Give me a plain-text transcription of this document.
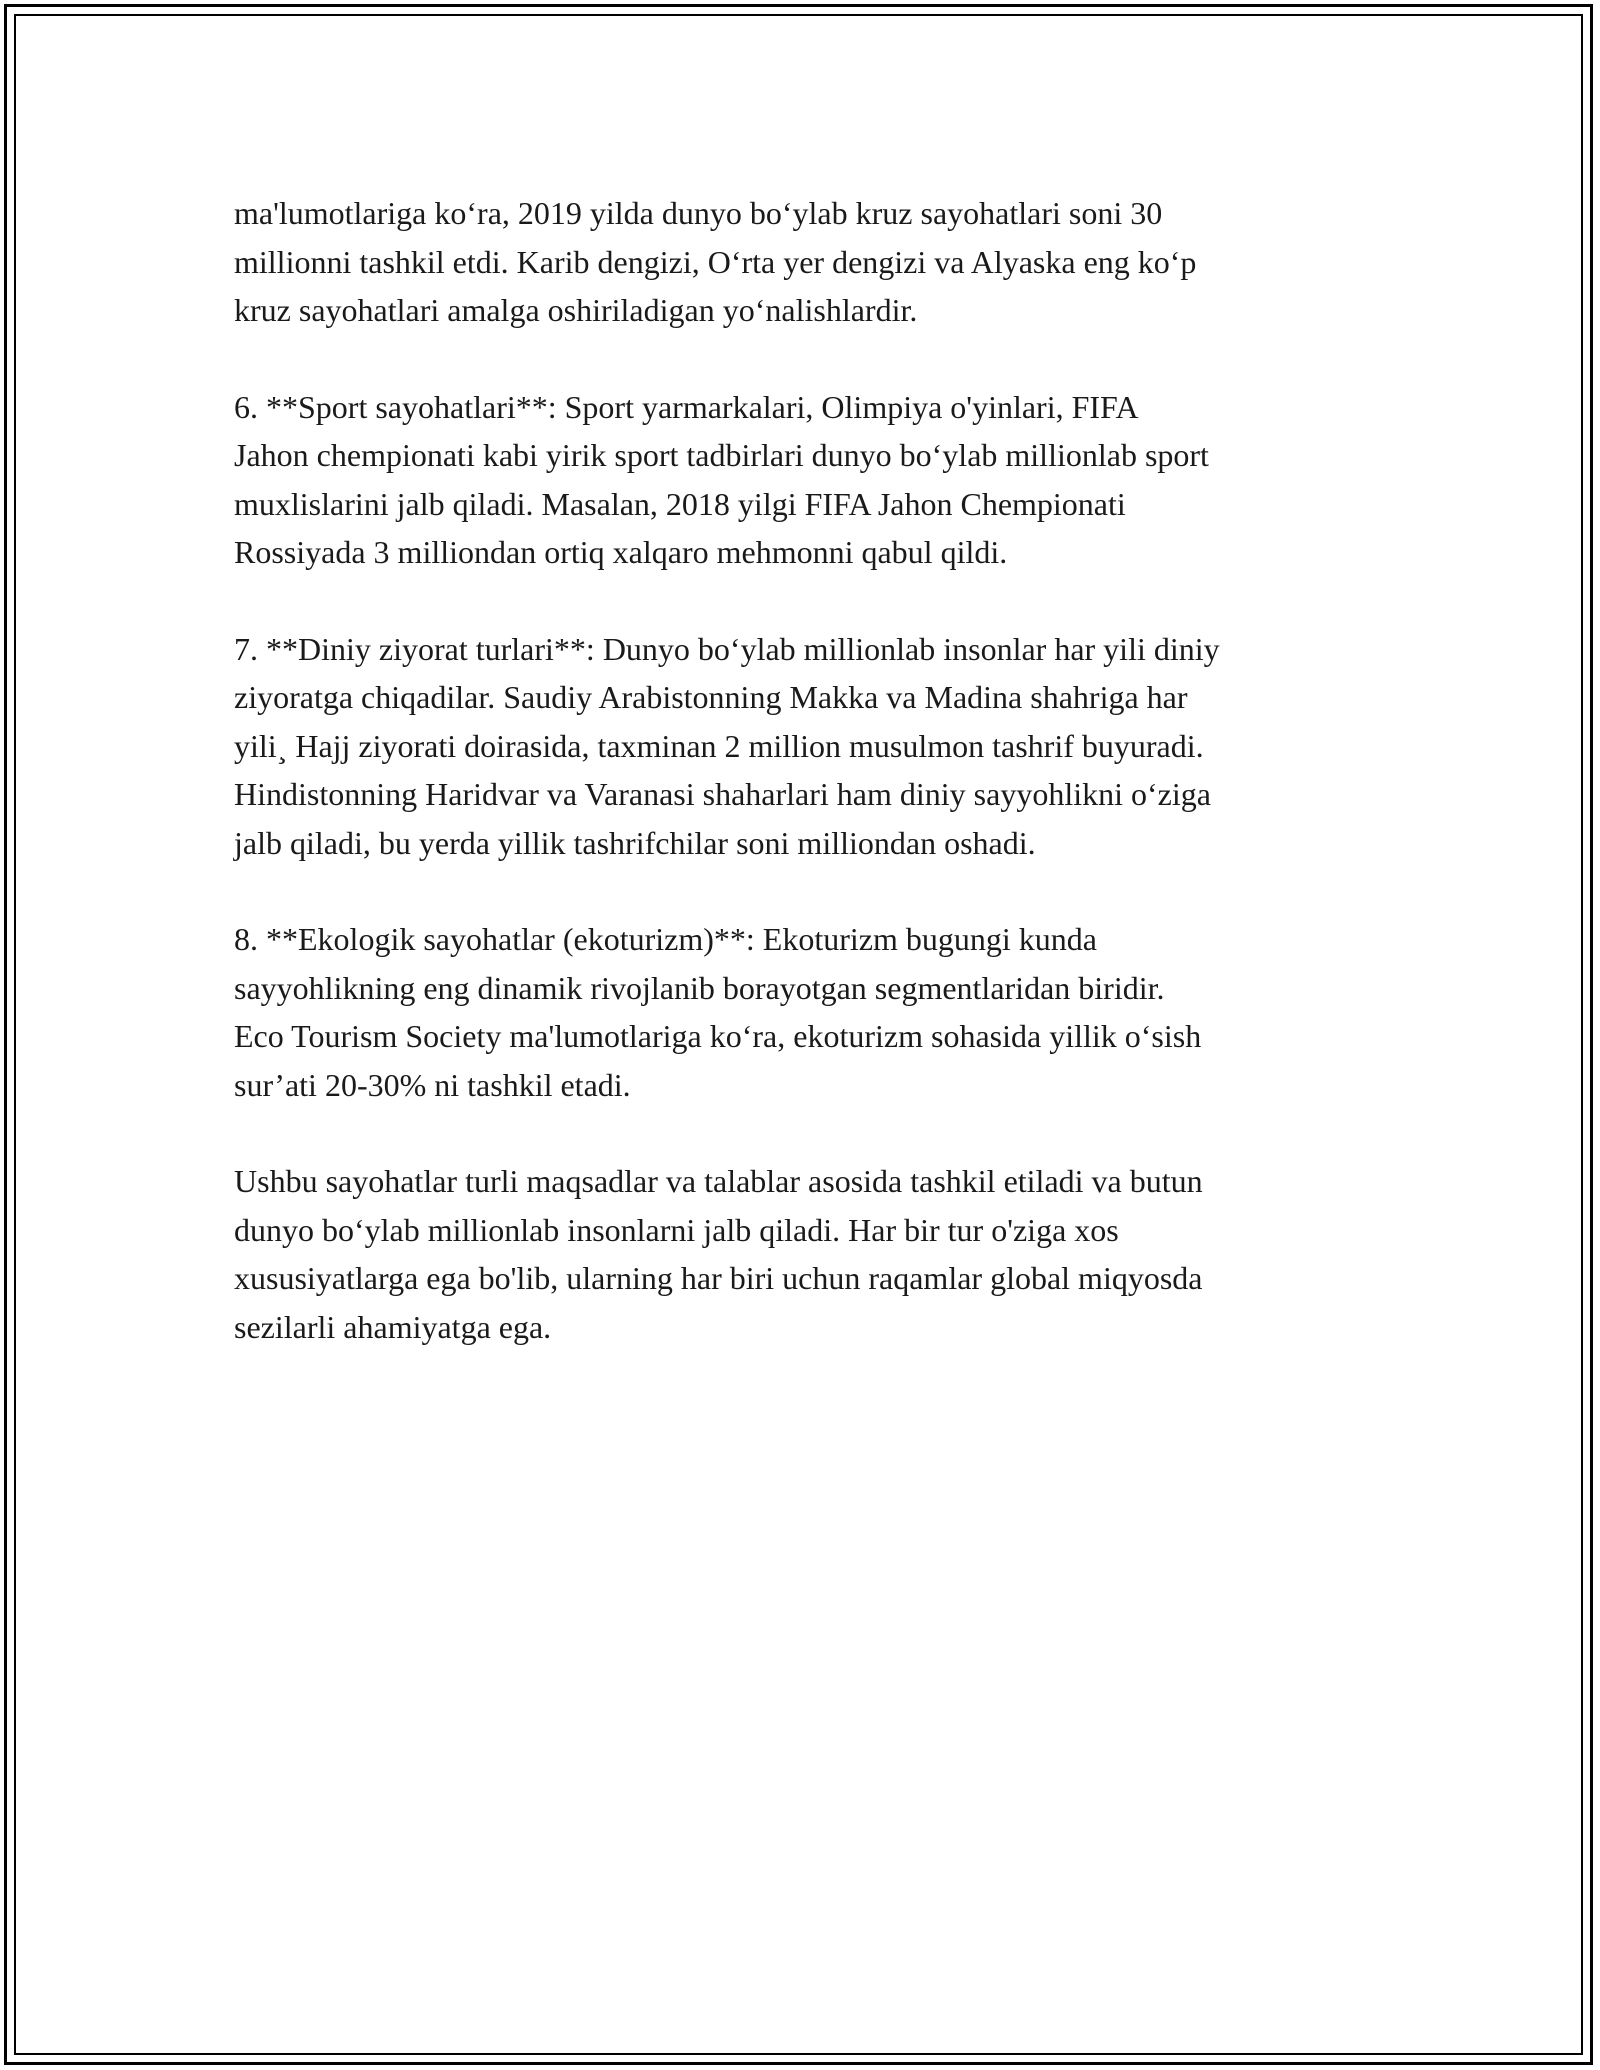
ma'lumotlariga ko‘ra, 2019 yilda dunyo bo‘ylab kruz sayohatlari soni 30
millionni tashkil etdi. Karib dengizi, O‘rta yer dengizi va Alyaska eng ko‘p
kruz sayohatlari amalga oshiriladigan yo‘nalishlardir.
6. **Sport sayohatlari**: Sport yarmarkalari, Olimpiya o'yinlari, FIFA
Jahon chempionati kabi yirik sport tadbirlari dunyo bo‘ylab millionlab sport
muxlislarini jalb qiladi. Masalan, 2018 yilgi FIFA Jahon Chempionati
Rossiyada 3 milliondan ortiq xalqaro mehmonni qabul qildi.
7. **Diniy ziyorat turlari**: Dunyo bo‘ylab millionlab insonlar har yili diniy
ziyoratga chiqadilar. Saudiy Arabistonning Makka va Madina shahriga har
yili¸ Hajj ziyorati doirasida, taxminan 2 million musulmon tashrif buyuradi.
Hindistonning Haridvar va Varanasi shaharlari ham diniy sayyohlikni o‘ziga
jalb qiladi, bu yerda yillik tashrifchilar soni milliondan oshadi.
8. **Ekologik sayohatlar (ekoturizm)**: Ekoturizm bugungi kunda
sayyohlikning eng dinamik rivojlanib borayotgan segmentlaridan biridir.
Eco Tourism Society ma'lumotlariga ko‘ra, ekoturizm sohasida yillik o‘sish
sur’ati 20-30% ni tashkil etadi.
Ushbu sayohatlar turli maqsadlar va talablar asosida tashkil etiladi va butun
dunyo bo‘ylab millionlab insonlarni jalb qiladi. Har bir tur o'ziga xos
xususiyatlarga ega bo'lib, ularning har biri uchun raqamlar global miqyosda
sezilarli ahamiyatga ega.
